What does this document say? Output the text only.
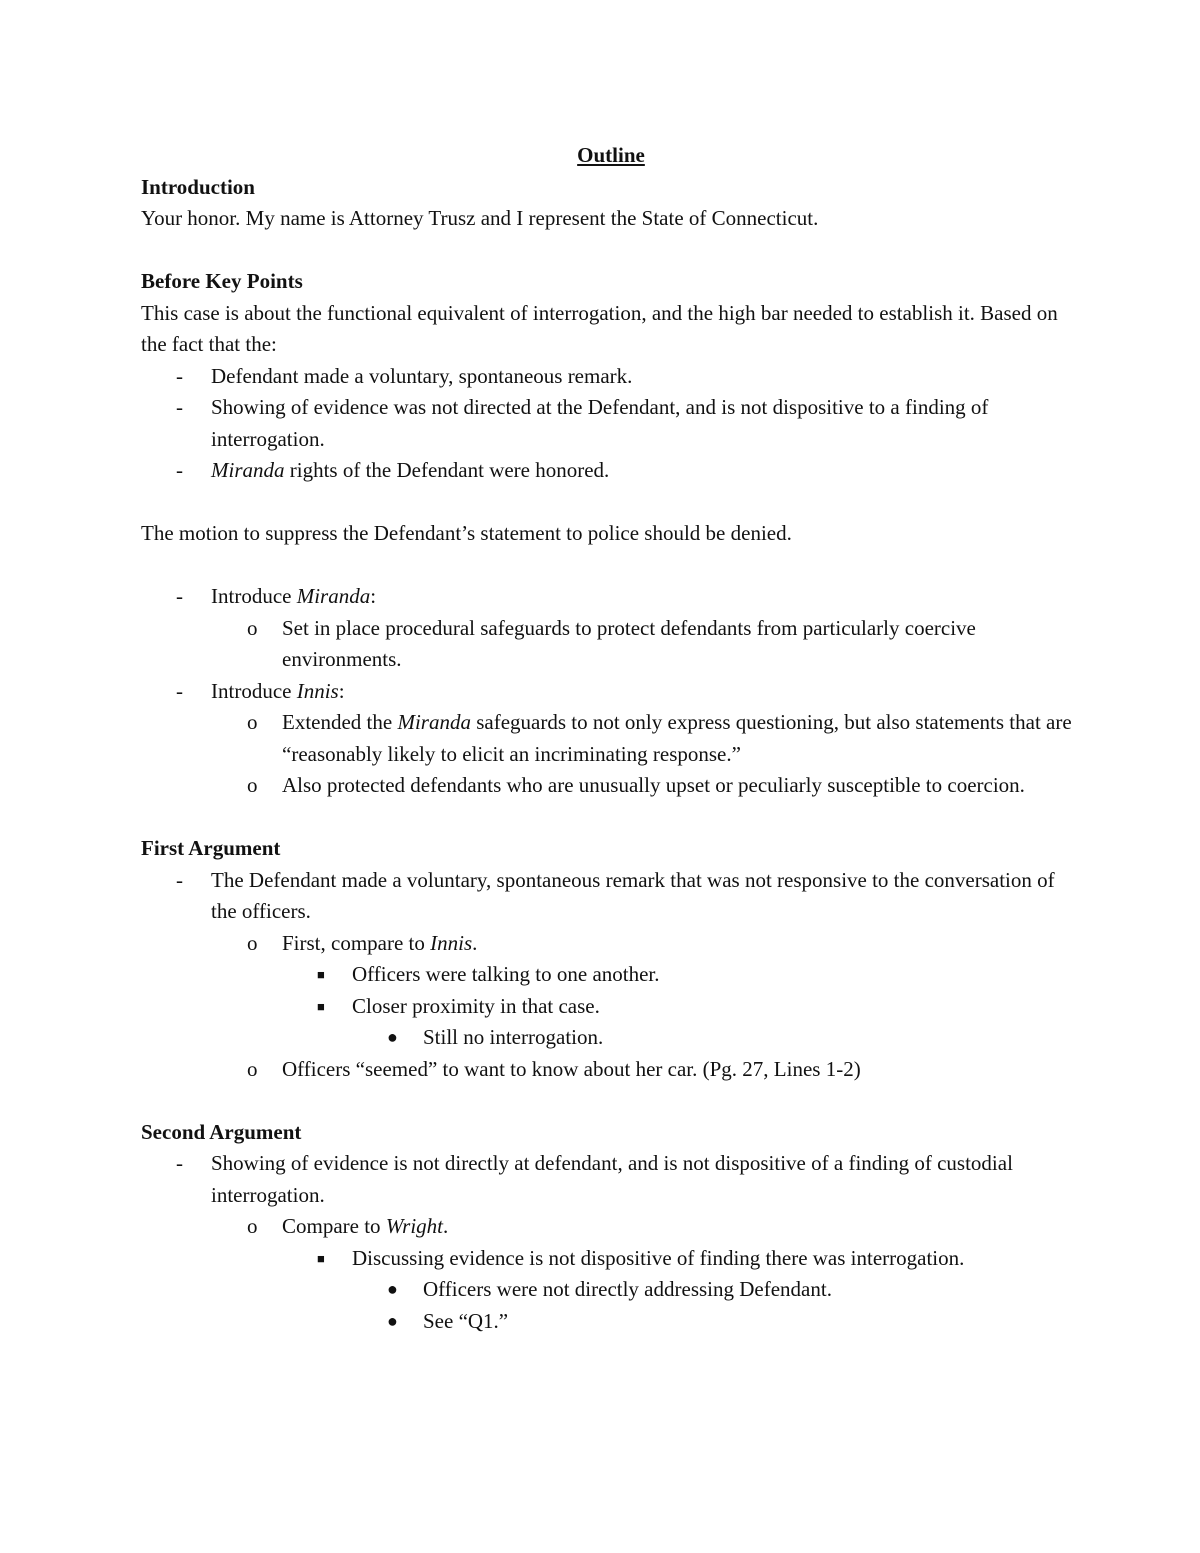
Outline

Introduction

Your honor. My name is Attorney Trusz and I represent the State of Connecticut.

Before Key Points

This case is about the functional equivalent of interrogation, and the high bar needed to establish it. Based on the fact that the:

- Defendant made a voluntary, spontaneous remark.
- Showing of evidence was not directed at the Defendant, and is not dispositive to a finding of interrogation.
- Miranda rights of the Defendant were honored.

The motion to suppress the Defendant’s statement to police should be denied.

- Introduce Miranda:
o Set in place procedural safeguards to protect defendants from particularly coercive environments.
- Introduce Innis:
o Extended the Miranda safeguards to not only express questioning, but also statements that are “reasonably likely to elicit an incriminating response.”
o Also protected defendants who are unusually upset or peculiarly susceptible to coercion.

First Argument

- The Defendant made a voluntary, spontaneous remark that was not responsive to the conversation of the officers.
o First, compare to Innis.
■ Officers were talking to one another.
■ Closer proximity in that case.
● Still no interrogation.
o Officers “seemed” to want to know about her car. (Pg. 27, Lines 1-2)

Second Argument

- Showing of evidence is not directly at defendant, and is not dispositive of a finding of custodial interrogation.
o Compare to Wright.
■ Discussing evidence is not dispositive of finding there was interrogation.
● Officers were not directly addressing Defendant.
● See “Q1.”
